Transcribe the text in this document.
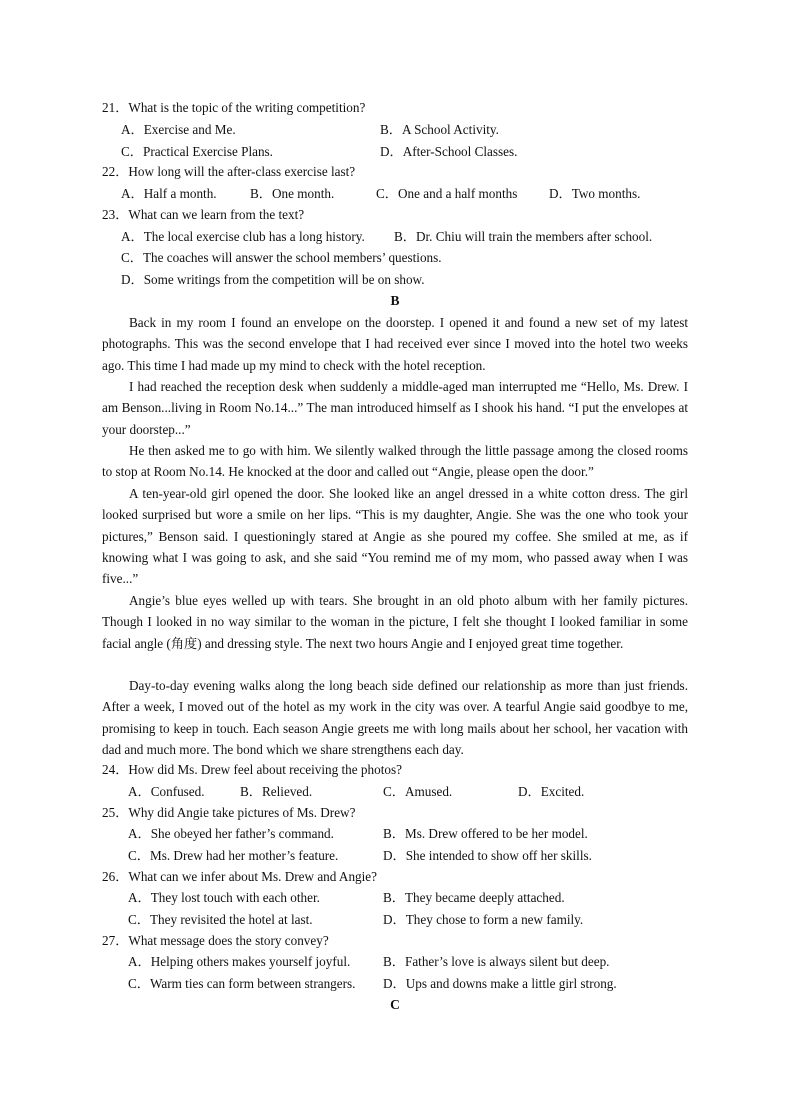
21．What is the topic of the writing competition?
A．Exercise and Me.	B．A School Activity.
C．Practical Exercise Plans.	D．After-School Classes.
22．How long will the after-class exercise last?
A．Half a month.	B．One month.	C．One and a half months D．Two months.
23．What can we learn from the text?
A．The local exercise club has a long history. B．Dr. Chiu will train the members after school.
C．The coaches will answer the school members’ questions.
D．Some writings from the competition will be on show.
B

Back in my room I found an envelope on the doorstep. I opened it and found a new set of my latest photographs. This was the second envelope that I had received ever since I moved into the hotel two weeks ago. This time I had made up my mind to check with the hotel reception.

I had reached the reception desk when suddenly a middle-aged man interrupted me “Hello, Ms. Drew. I am Benson...living in Room No.14...” The man introduced himself as I shook his hand. “I put the envelopes at your doorstep...”

He then asked me to go with him. We silently walked through the little passage among the closed rooms to stop at Room No.14. He knocked at the door and called out “Angie, please open the door.”

A ten-year-old girl opened the door. She looked like an angel dressed in a white cotton dress. The girl looked surprised but wore a smile on her lips. “This is my daughter, Angie. She was the one who took your pictures,” Benson said. I questioningly stared at Angie as she poured my coffee. She smiled at me, as if knowing what I was going to ask, and she said “You remind me of my mom, who passed away when I was five...”

Angie’s blue eyes welled up with tears. She brought in an old photo album with her family pictures. Though I looked in no way similar to the woman in the picture, I felt she thought I looked familiar in some facial angle (角度) and dressing style. The next two hours Angie and I enjoyed great time together.

Day-to-day evening walks along the long beach side defined our relationship as more than just friends. After a week, I moved out of the hotel as my work in the city was over. A tearful Angie said goodbye to me, promising to keep in touch. Each season Angie greets me with long mails about her school, her vacation with dad and much more. The bond which we share strengthens each day.

24．How did Ms. Drew feel about receiving the photos?
A．Confused.	B．Relieved.	C．Amused.	D．Excited.
25．Why did Angie take pictures of Ms. Drew?
A．She obeyed her father’s command.	B．Ms. Drew offered to be her model.
C．Ms. Drew had her mother’s feature.	D．She intended to show off her skills.
26．What can we infer about Ms. Drew and Angie?
A．They lost touch with each other.	B．They became deeply attached.
C．They revisited the hotel at last.	D．They chose to form a new family.
27．What message does the story convey?
A．Helping others makes yourself joyful. B．Father’s love is always silent but deep.
C．Warm ties can form between strangers. D．Ups and downs make a little girl strong.
C
